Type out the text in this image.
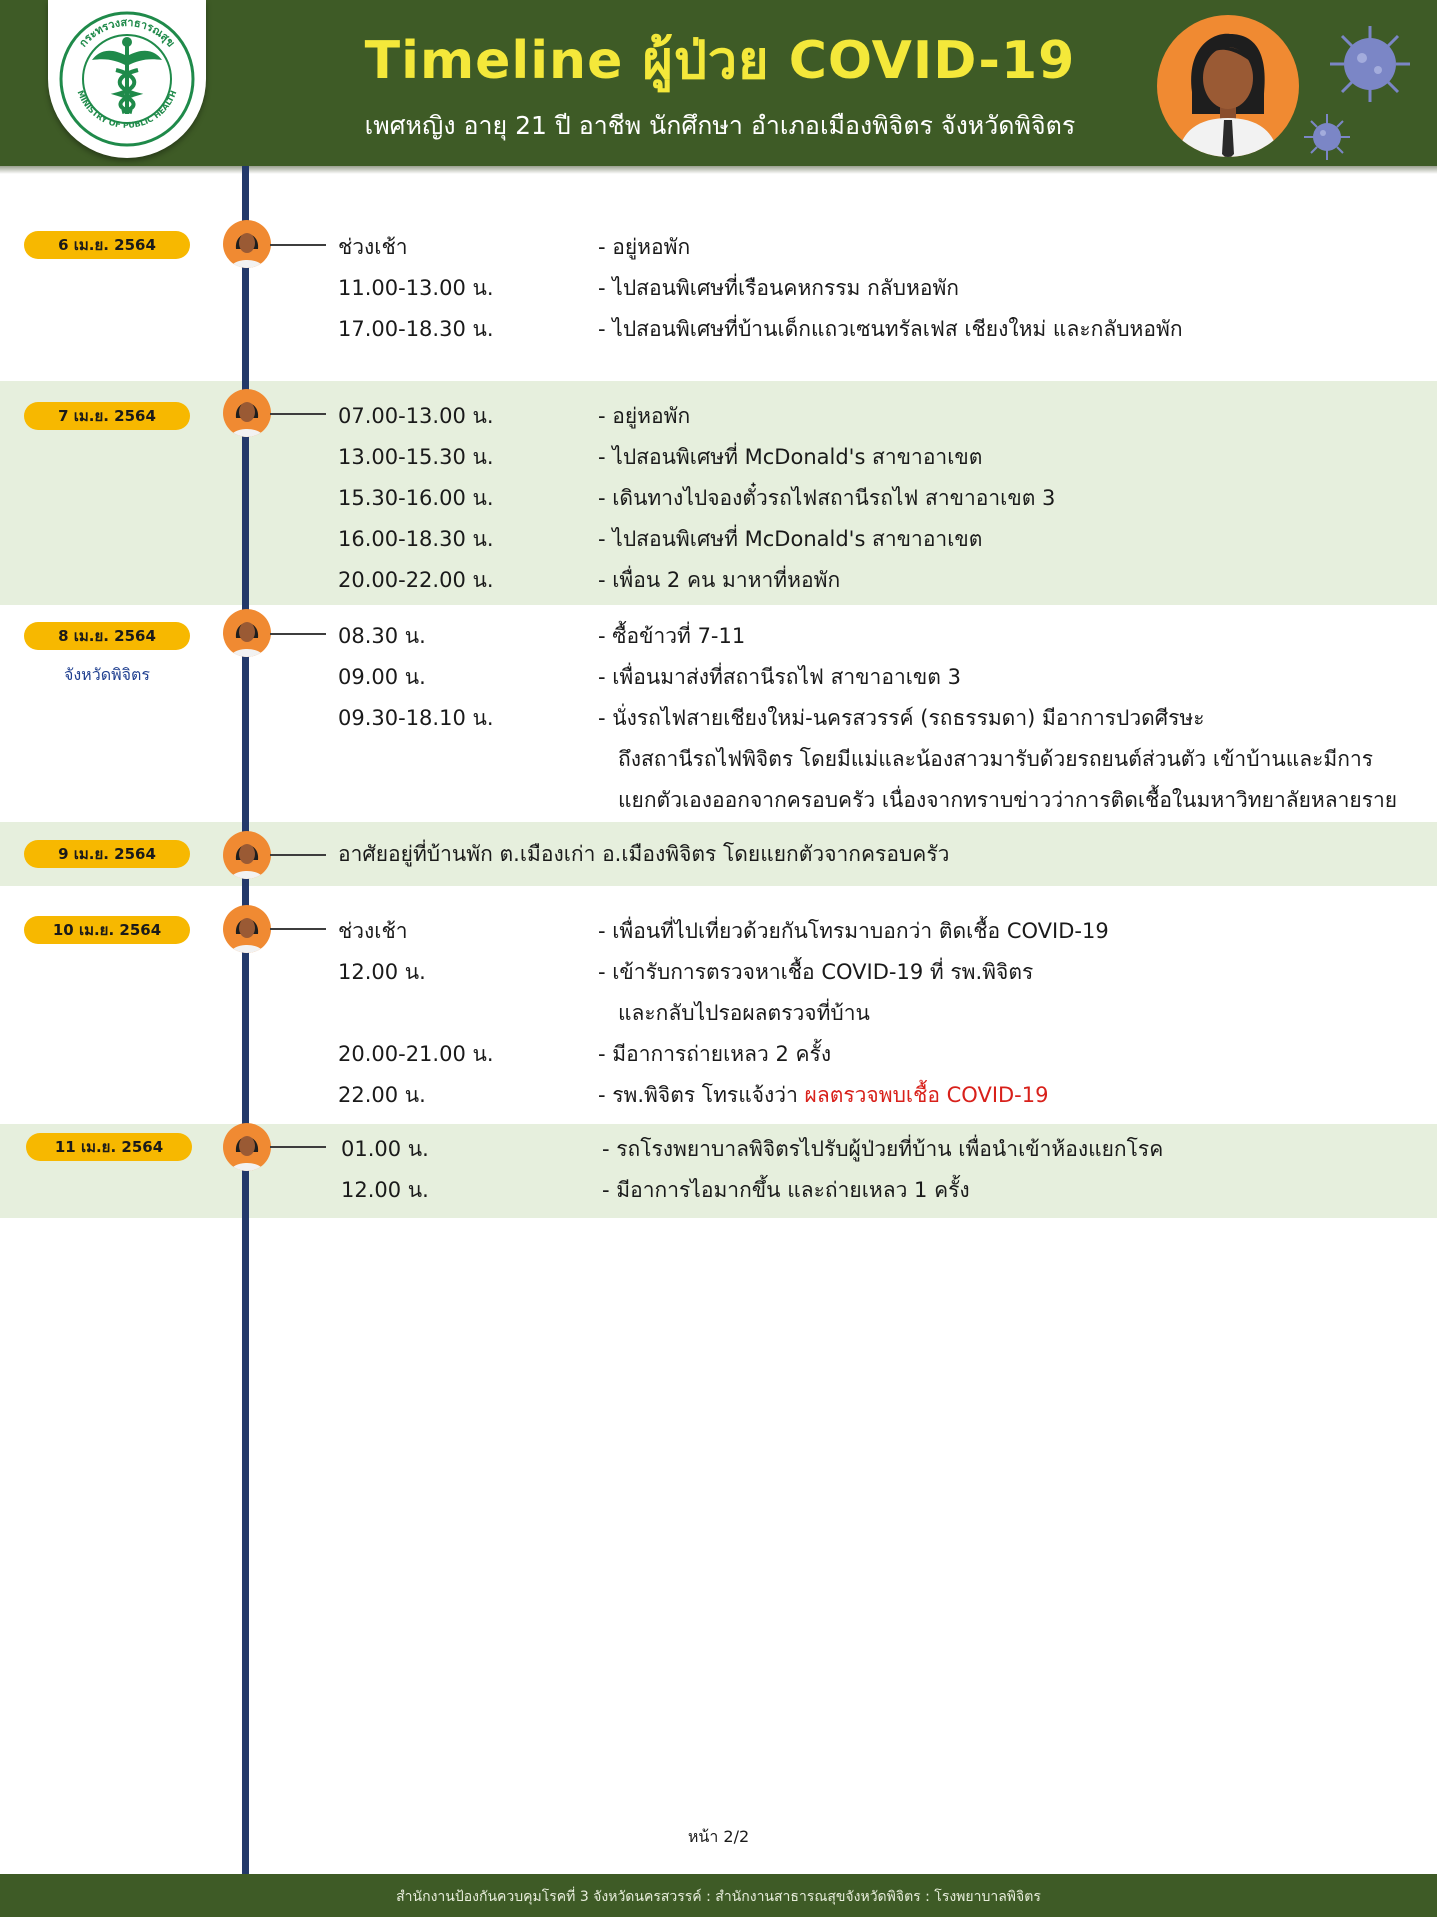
กระทรวงสาธารณสุข
MINISTRY OF PUBLIC HEALTH
Timeline ผู้ป่วย COVID-19
เพศหญิง อายุ 21 ปี อาชีพ นักศึกษา อำเภอเมืองพิจิตร จังหวัดพิจิตร
6 เม.ย. 2564	ช่วงเช้า	- อยู่หอพัก
11.00-13.00 น.	- ไปสอนพิเศษที่เรือนคหกรรม กลับหอพัก
17.00-18.30 น.	- ไปสอนพิเศษที่บ้านเด็กแถวเซนทรัลเฟส เชียงใหม่ และกลับหอพัก
7 เม.ย. 2564	07.00-13.00 น.	- อยู่หอพัก
13.00-15.30 น.	- ไปสอนพิเศษที่ McDonald's สาขาอาเขต
15.30-16.00 น.	- เดินทางไปจองตั๋วรถไฟสถานีรถไฟ สาขาอาเขต 3
16.00-18.30 น.	- ไปสอนพิเศษที่ McDonald's สาขาอาเขต
20.00-22.00 น.	- เพื่อน 2 คน มาหาที่หอพัก
8 เม.ย. 2564
จังหวัดพิจิตร
08.30 น.	- ซื้อข้าวที่ 7-11
09.00 น.	- เพื่อนมาส่งที่สถานีรถไฟ สาขาอาเขต 3
09.30-18.10 น.	- นั่งรถไฟสายเชียงใหม่-นครสวรรค์ (รถธรรมดา) มีอาการปวดศีรษะ
ถึงสถานีรถไฟพิจิตร โดยมีแม่และน้องสาวมารับด้วยรถยนต์ส่วนตัว เข้าบ้านและมีการ
แยกตัวเองออกจากครอบครัว เนื่องจากทราบข่าวว่าการติดเชื้อในมหาวิทยาลัยหลายราย
9 เม.ย. 2564	อาศัยอยู่ที่บ้านพัก ต.เมืองเก่า อ.เมืองพิจิตร โดยแยกตัวจากครอบครัว
10 เม.ย. 2564	ช่วงเช้า	- เพื่อนที่ไปเที่ยวด้วยกันโทรมาบอกว่า ติดเชื้อ COVID-19
12.00 น.	- เข้ารับการตรวจหาเชื้อ COVID-19 ที่ รพ.พิจิตร
และกลับไปรอผลตรวจที่บ้าน
20.00-21.00 น.	- มีอาการถ่ายเหลว 2 ครั้ง
22.00 น.	- รพ.พิจิตร โทรแจ้งว่า ผลตรวจพบเชื้อ COVID-19
11 เม.ย. 2564	01.00 น.	- รถโรงพยาบาลพิจิตรไปรับผู้ป่วยที่บ้าน เพื่อนำเข้าห้องแยกโรค
12.00 น.	- มีอาการไอมากขึ้น และถ่ายเหลว 1 ครั้ง
หน้า 2/2
สำนักงานป้องกันควบคุมโรคที่ 3 จังหวัดนครสวรรค์ : สำนักงานสาธารณสุขจังหวัดพิจิตร : โรงพยาบาลพิจิตร
